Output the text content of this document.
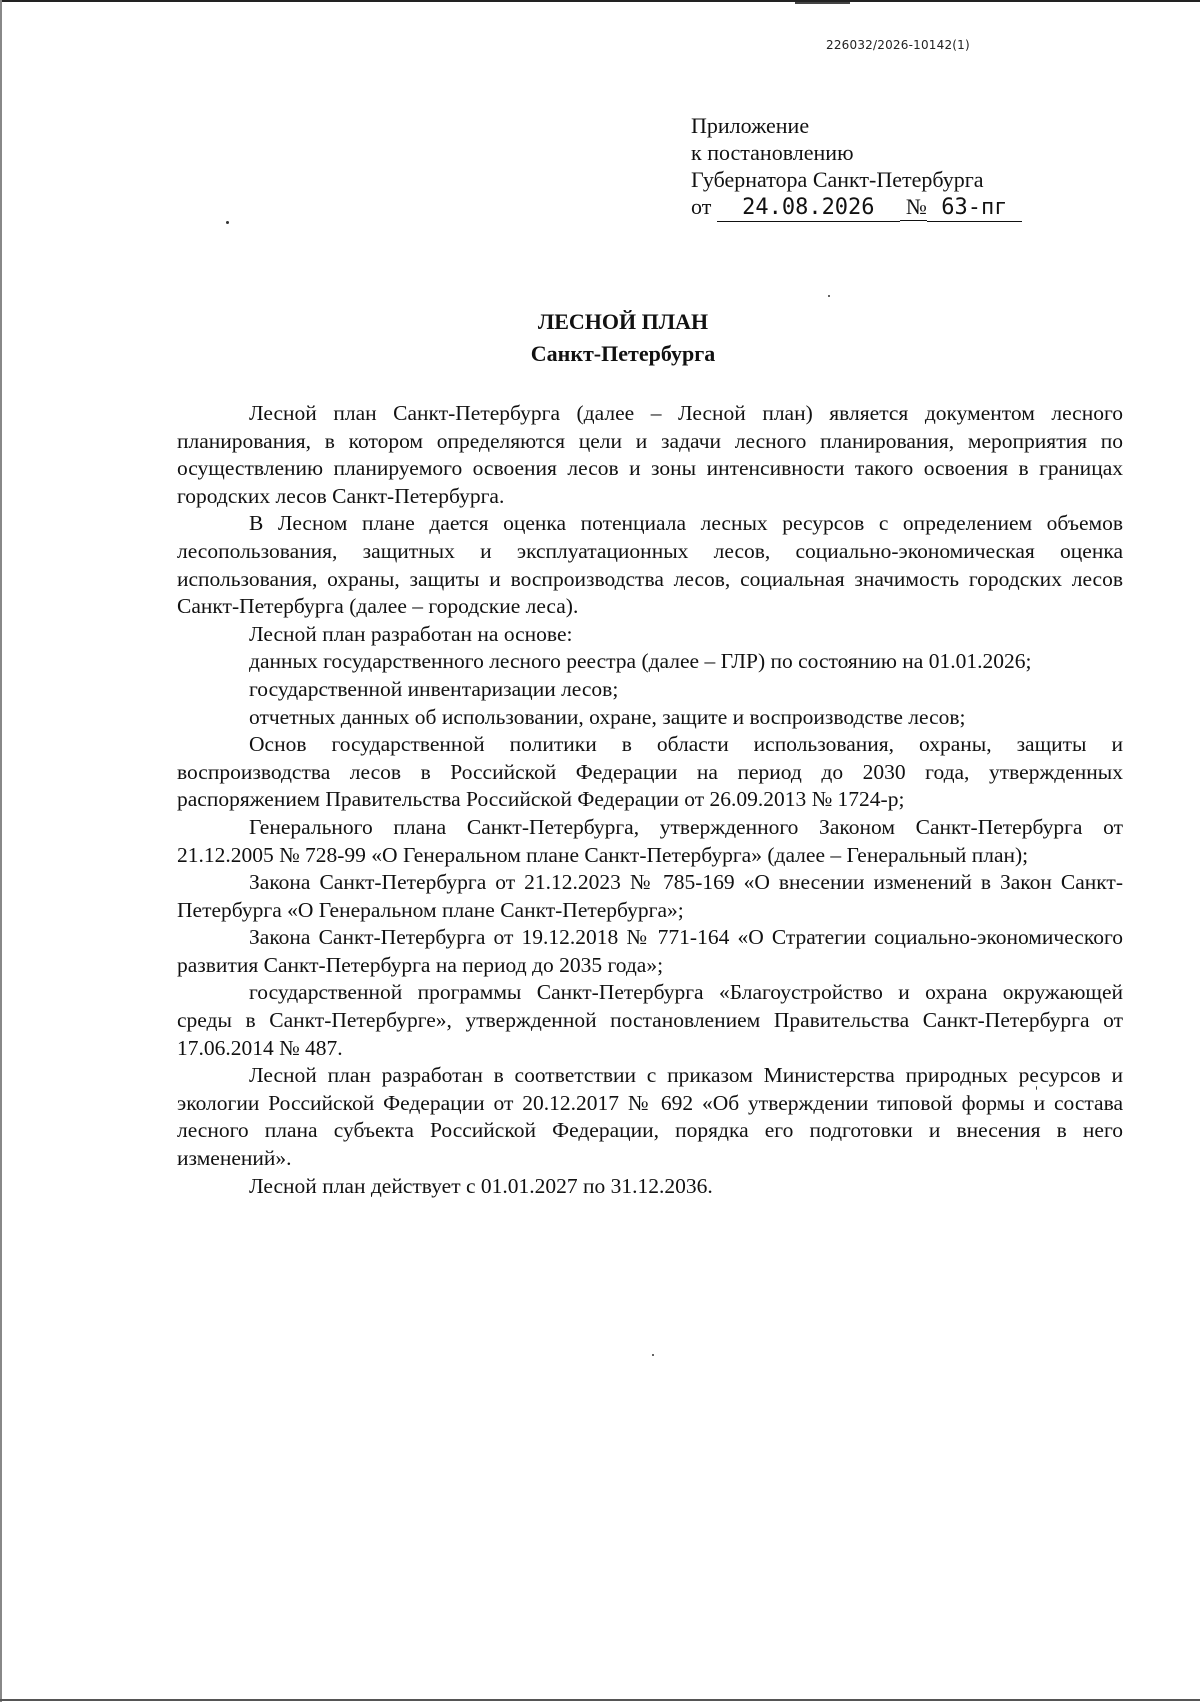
226032/2026-10142(1)
Приложение
к постановлению
Губернатора Санкт-Петербурга
от 24.08.2026 № 63-пг
ЛЕСНОЙ ПЛАН
Санкт-Петербурга

Лесной план Санкт-Петербурга (далее – Лесной план) является документом лесного планирования, в котором определяются цели и задачи лесного планирования, мероприятия по осуществлению планируемого освоения лесов и зоны интенсивности такого освоения в границах городских лесов Санкт-Петербурга.

В Лесном плане дается оценка потенциала лесных ресурсов с определением объемов лесопользования, защитных и эксплуатационных лесов, социально-экономическая оценка использования, охраны, защиты и воспроизводства лесов, социальная значимость городских лесов Санкт-Петербурга (далее – городские леса).

Лесной план разработан на основе:

данных государственного лесного реестра (далее – ГЛР) по состоянию на 01.01.2026;

государственной инвентаризации лесов;

отчетных данных об использовании, охране, защите и воспроизводстве лесов;

Основ государственной политики в области использования, охраны, защиты и воспроизводства лесов в Российской Федерации на период до 2030 года, утвержденных распоряжением Правительства Российской Федерации от 26.09.2013 № 1724-р;

Генерального плана Санкт-Петербурга, утвержденного Законом Санкт-Петербурга от 21.12.2005 № 728-99 «О Генеральном плане Санкт-Петербурга» (далее – Генеральный план);

Закона Санкт-Петербурга от 21.12.2023 № 785-169 «О внесении изменений в Закон Санкт-Петербурга «О Генеральном плане Санкт-Петербурга»;

Закона Санкт-Петербурга от 19.12.2018 № 771-164 «О Стратегии социально-экономического развития Санкт-Петербурга на период до 2035 года»;

государственной программы Санкт-Петербурга «Благоустройство и охрана окружающей среды в Санкт-Петербурге», утвержденной постановлением Правительства Санкт-Петербурга от 17.06.2014 № 487.

Лесной план разработан в соответствии с приказом Министерства природных ресурсов и экологии Российской Федерации от 20.12.2017 № 692 «Об утверждении типовой формы и состава лесного плана субъекта Российской Федерации, порядка его подготовки и внесения в него изменений».

Лесной план действует с 01.01.2027 по 31.12.2036.
